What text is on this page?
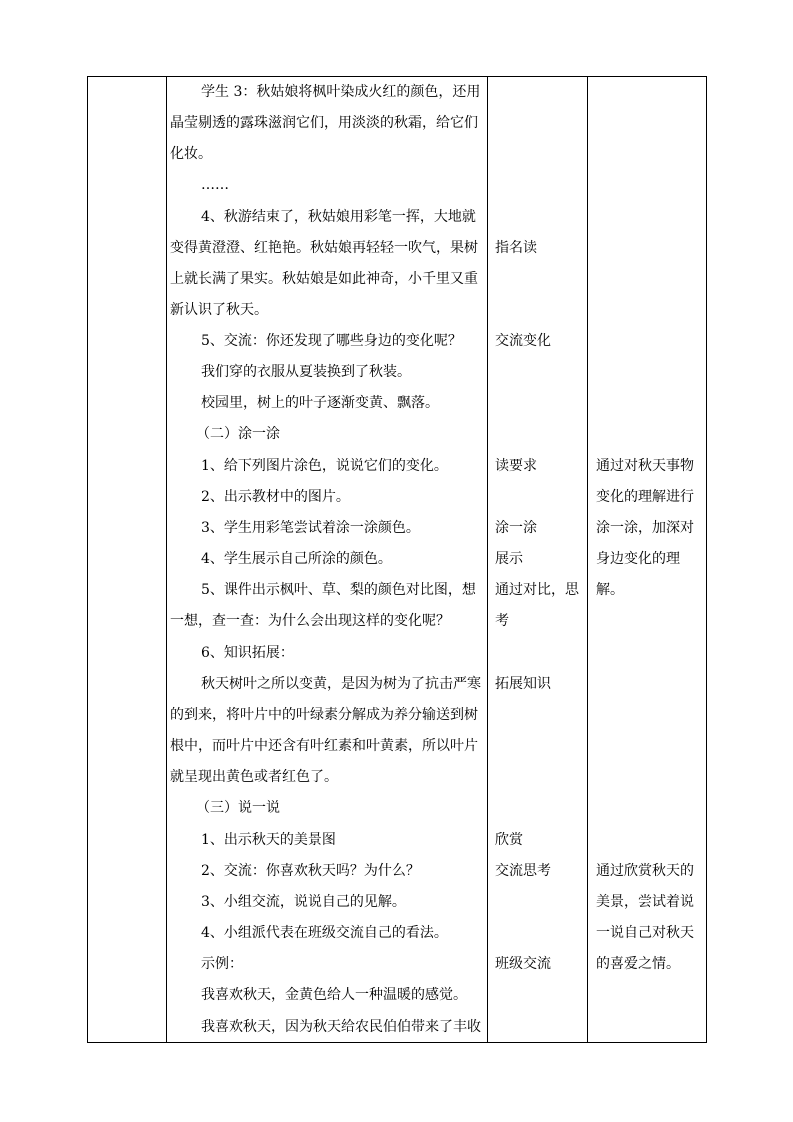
学生 3：秋姑娘将枫叶染成火红的颜色，还用
晶莹剔透的露珠滋润它们，用淡淡的秋霜，给它们
化妆。
……
4、秋游结束了，秋姑娘用彩笔一挥，大地就
变得黄澄澄、红艳艳。秋姑娘再轻轻一吹气，果树
上就长满了果实。秋姑娘是如此神奇，小千里又重
新认识了秋天。
5、交流：你还发现了哪些身边的变化呢？
我们穿的衣服从夏装换到了秋装。
校园里，树上的叶子逐渐变黄、飘落。
（二）涂一涂
1、给下列图片涂色，说说它们的变化。
2、出示教材中的图片。
3、学生用彩笔尝试着涂一涂颜色。
4、学生展示自己所涂的颜色。
5、课件出示枫叶、草、梨的颜色对比图，想
一想，查一查：为什么会出现这样的变化呢？
6、知识拓展：
秋天树叶之所以变黄，是因为树为了抗击严寒
的到来，将叶片中的叶绿素分解成为养分输送到树
根中，而叶片中还含有叶红素和叶黄素，所以叶片
就呈现出黄色或者红色了。
（三）说一说
1、出示秋天的美景图
2、交流：你喜欢秋天吗？为什么？
3、小组交流，说说自己的见解。
4、小组派代表在班级交流自己的看法。
示例：
我喜欢秋天，金黄色给人一种温暖的感觉。
我喜欢秋天，因为秋天给农民伯伯带来了丰收
指名读
交流变化
读要求
涂一涂
展示
通过对比，思
考
拓展知识
欣赏
交流思考
班级交流
通过对秋天事物
变化的理解进行
涂一涂，加深对
身边变化的理
解。
通过欣赏秋天的
美景，尝试着说
一说自己对秋天
的喜爱之情。
